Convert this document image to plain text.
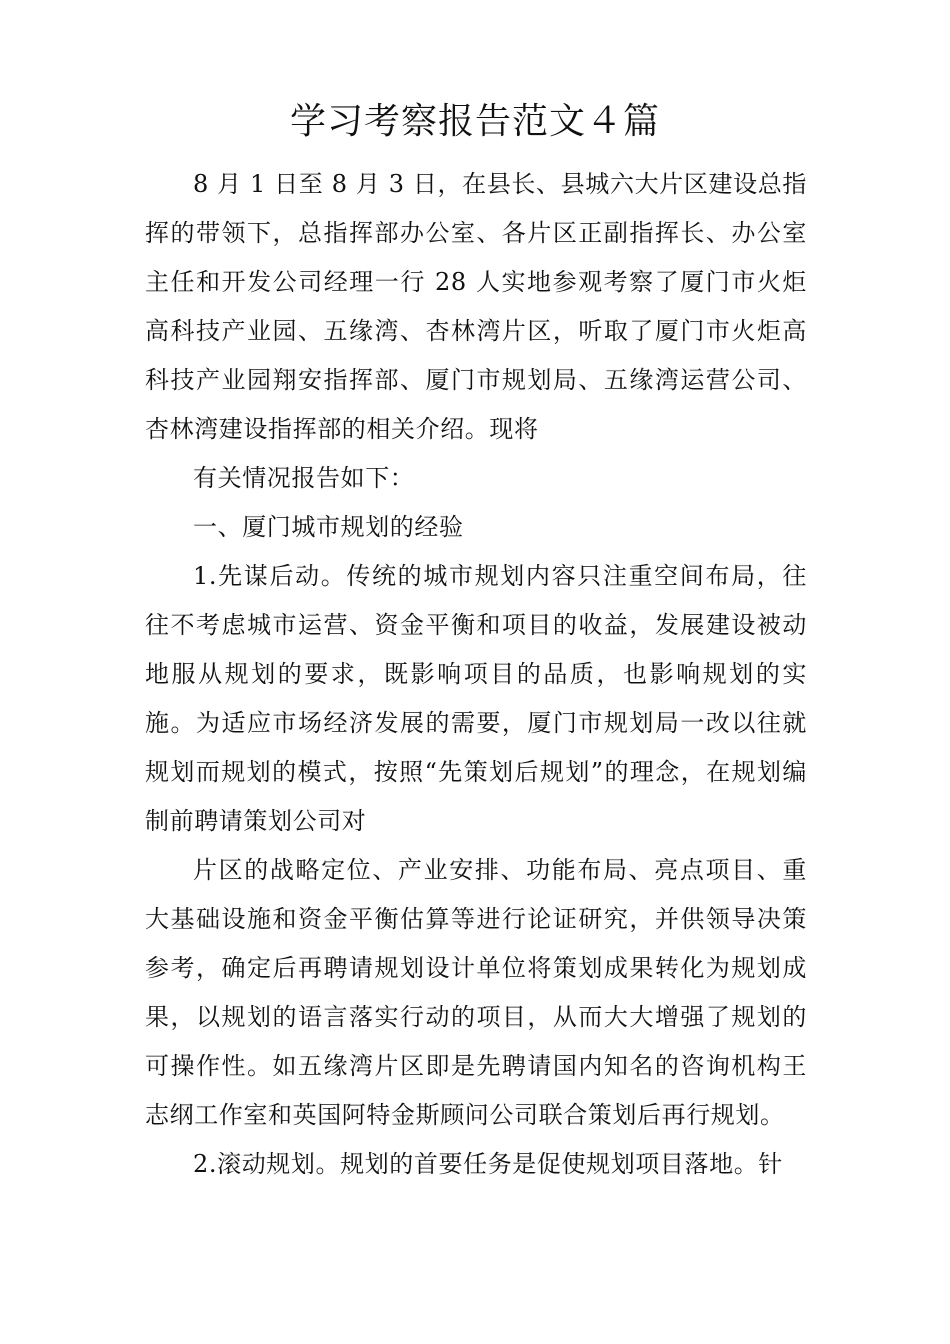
学习考察报告范文４篇

8 月 1 日至 8 月 3 日，在县长、县城六大片区建设总指挥的带领下，总指挥部办公室、各片区正副指挥长、办公室主任和开发公司经理一行 28 人实地参观考察了厦门市火炬高科技产业园、五缘湾、杏林湾片区，听取了厦门市火炬高科技产业园翔安指挥部、厦门市规划局、五缘湾运营公司、杏林湾建设指挥部的相关介绍。现将

有关情况报告如下：

一、厦门城市规划的经验

1.先谋后动。传统的城市规划内容只注重空间布局，往往不考虑城市运营、资金平衡和项目的收益，发展建设被动地服从规划的要求，既影响项目的品质，也影响规划的实施。为适应市场经济发展的需要，厦门市规划局一改以往就规划而规划的模式，按照“先策划后规划”的理念，在规划编制前聘请策划公司对

片区的战略定位、产业安排、功能布局、亮点项目、重大基础设施和资金平衡估算等进行论证研究，并供领导决策参考，确定后再聘请规划设计单位将策划成果转化为规划成果，以规划的语言落实行动的项目，从而大大增强了规划的可操作性。如五缘湾片区即是先聘请国内知名的咨询机构王志纲工作室和英国阿特金斯顾问公司联合策划后再行规划。

2.滚动规划。规划的首要任务是促使规划项目落地。针
